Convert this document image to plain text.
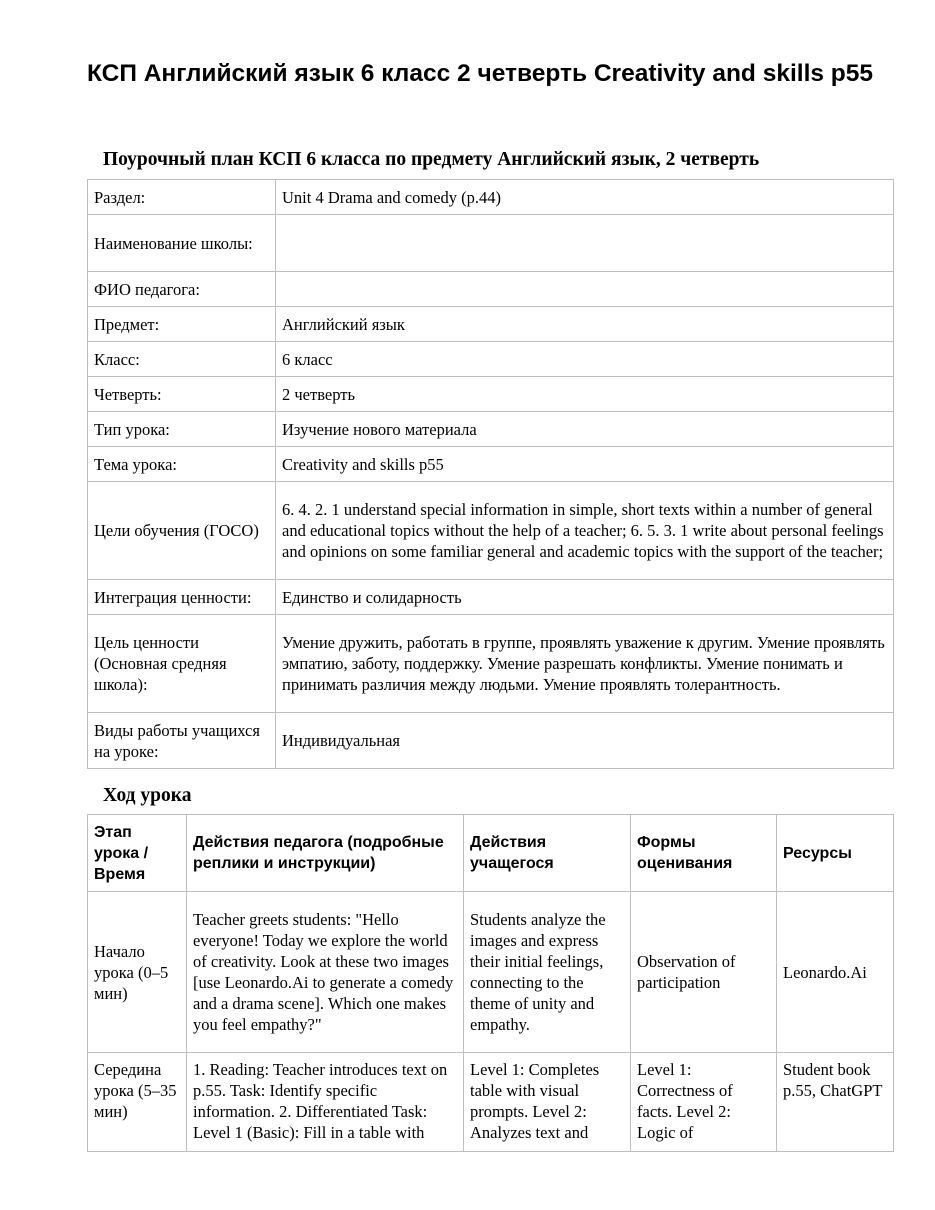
КСП Английский язык 6 класс 2 четверть Creativity and skills p55
Поурочный план КСП 6 класса по предмету Английский язык, 2 четверть
Раздел:	Unit 4 Drama and comedy (p.44)
Наименование школы:	
ФИО педагога:	
Предмет:	Английский язык
Класс:	6 класс
Четверть:	2 четверть
Тип урока:	Изучение нового материала
Тема урока:	Creativity and skills p55
Цели обучения (ГОСО)	6. 4. 2. 1 understand special information in simple, short texts within a number of general and educational topics without the help of a teacher; 6. 5. 3. 1 write about personal feelings and opinions on some familiar general and academic topics with the support of the teacher;
Интеграция ценности:	Единство и солидарность
Цель ценности (Основная средняя школа):	Умение дружить, работать в группе, проявлять уважение к другим. Умение проявлять эмпатию, заботу, поддержку. Умение разрешать конфликты. Умение понимать и принимать различия между людьми. Умение проявлять толерантность.
Виды работы учащихся на уроке:	Индивидуальная
Ход урока
Этап урока / Время	Действия педагога (подробные реплики и инструкции)	Действия учащегося	Формы оценивания	Ресурсы
Начало урока (0–5 мин)	Teacher greets students: "Hello everyone! Today we explore the world of creativity. Look at these two images [use Leonardo.Ai to generate a comedy and a drama scene]. Which one makes you feel empathy?"	Students analyze the images and express their initial feelings, connecting to the theme of unity and empathy.	Observation of participation	Leonardo.Ai

Середина урока (5–35 мин)	1. Reading: Teacher introduces text on p.55. Task: Identify specific information. 2. Differentiated Task: Level 1 (Basic): Fill in a table with	Level 1: Completes table with visual prompts. Level 2: Analyzes text and	Level 1: Correctness of facts. Level 2: Logic of	Student book p.55, ChatGPT
